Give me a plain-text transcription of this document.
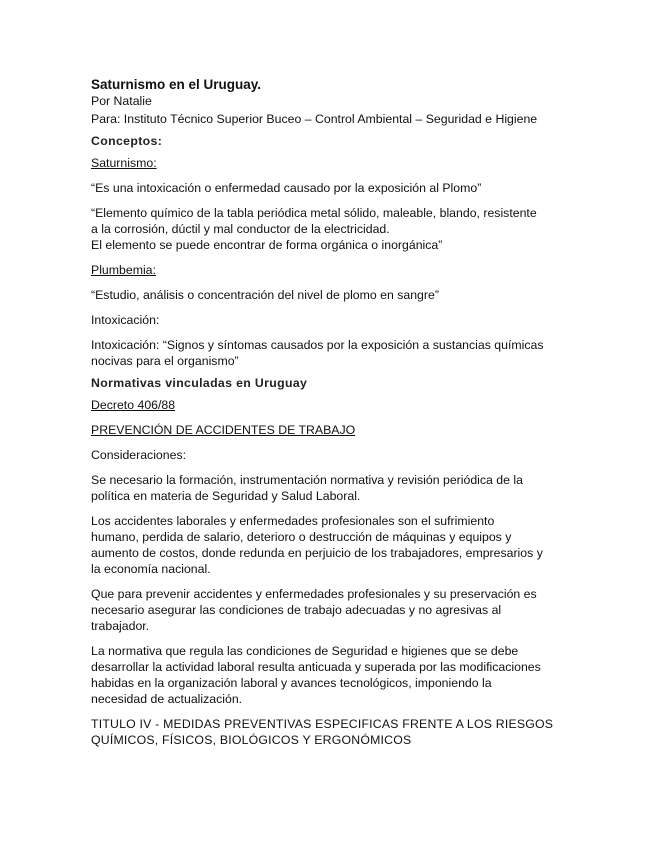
Saturnismo en el Uruguay.

Por Natalie

Para: Instituto Técnico Superior Buceo – Control Ambiental – Seguridad e Higiene

Conceptos:

Saturnismo:

“Es una intoxicación o enfermedad causado por la exposición al Plomo”

“Elemento químico de la tabla periódica metal sólido, maleable, blando, resistente

a la corrosión, dúctil y mal conductor de la electricidad.

El elemento se puede encontrar de forma orgánica o inorgánica”

Plumbemia:

“Estudio, análisis o concentración del nivel de plomo en sangre”

Intoxicación:

Intoxicación: “Signos y síntomas causados por la exposición a sustancias químicas

nocivas para el organismo”

Normativas vinculadas en Uruguay

Decreto 406/88

PREVENCIÓN DE ACCIDENTES DE TRABAJO

Consideraciones:

Se necesario la formación, instrumentación normativa y revisión periódica de la

política en materia de Seguridad y Salud Laboral.

Los accidentes laborales y enfermedades profesionales son el sufrimiento

humano, perdida de salario, deterioro o destrucción de máquinas y equipos y

aumento de costos, donde redunda en perjuicio de los trabajadores, empresarios y

la economía nacional.

Que para prevenir accidentes y enfermedades profesionales y su preservación es

necesario asegurar las condiciones de trabajo adecuadas y no agresivas al

trabajador.

La normativa que regula las condiciones de Seguridad e higienes que se debe

desarrollar la actividad laboral resulta anticuada y superada por las modificaciones

habidas en la organización laboral y avances tecnológicos, imponiendo la

necesidad de actualización.

TITULO IV - MEDIDAS PREVENTIVAS ESPECIFICAS FRENTE A LOS RIESGOS

QUÍMICOS, FÍSICOS, BIOLÓGICOS Y ERGONÓMICOS
